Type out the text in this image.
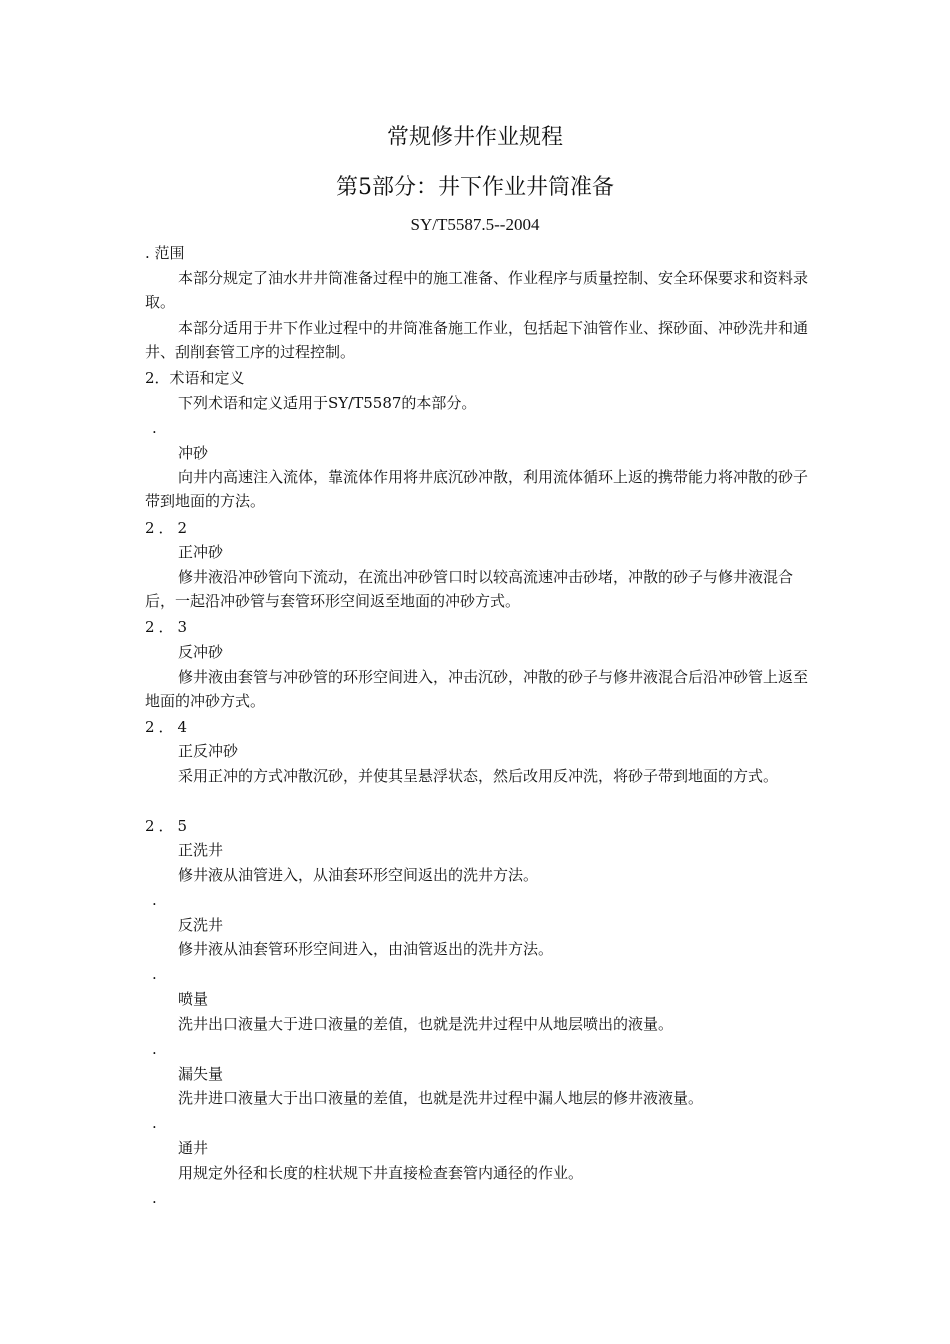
常规修井作业规程
第5部分：井下作业井筒准备
SY/T5587.5--2004
. 范围
本部分规定了油水井井筒准备过程中的施工准备、作业程序与质量控制、安全环保要求和资料录取。
本部分适用于井下作业过程中的井筒准备施工作业，包括起下油管作业、探砂面、冲砂洗井和通井、刮削套管工序的过程控制。
2．术语和定义
下列术语和定义适用于SY/T5587的本部分。
.
冲砂
向井内高速注入流体，靠流体作用将井底沉砂冲散，利用流体循环上返的携带能力将冲散的砂子带到地面的方法。
2．2
正冲砂
修井液沿冲砂管向下流动，在流出冲砂管口时以较高流速冲击砂堵，冲散的砂子与修井液混合后，一起沿冲砂管与套管环形空间返至地面的冲砂方式。
2．3
反冲砂
修井液由套管与冲砂管的环形空间进入，冲击沉砂，冲散的砂子与修井液混合后沿冲砂管上返至地面的冲砂方式。
2．4
正反冲砂
采用正冲的方式冲散沉砂，并使其呈悬浮状态，然后改用反冲洗，将砂子带到地面的方式。
2．5
正洗井
修井液从油管进入，从油套环形空间返出的洗井方法。
.
反洗井
修井液从油套管环形空间进入，由油管返出的洗井方法。
.
喷量
洗井出口液量大于进口液量的差值，也就是洗井过程中从地层喷出的液量。
.
漏失量
洗井进口液量大于出口液量的差值，也就是洗井过程中漏人地层的修井液液量。
.
通井
用规定外径和长度的柱状规下井直接检查套管内通径的作业。
.
